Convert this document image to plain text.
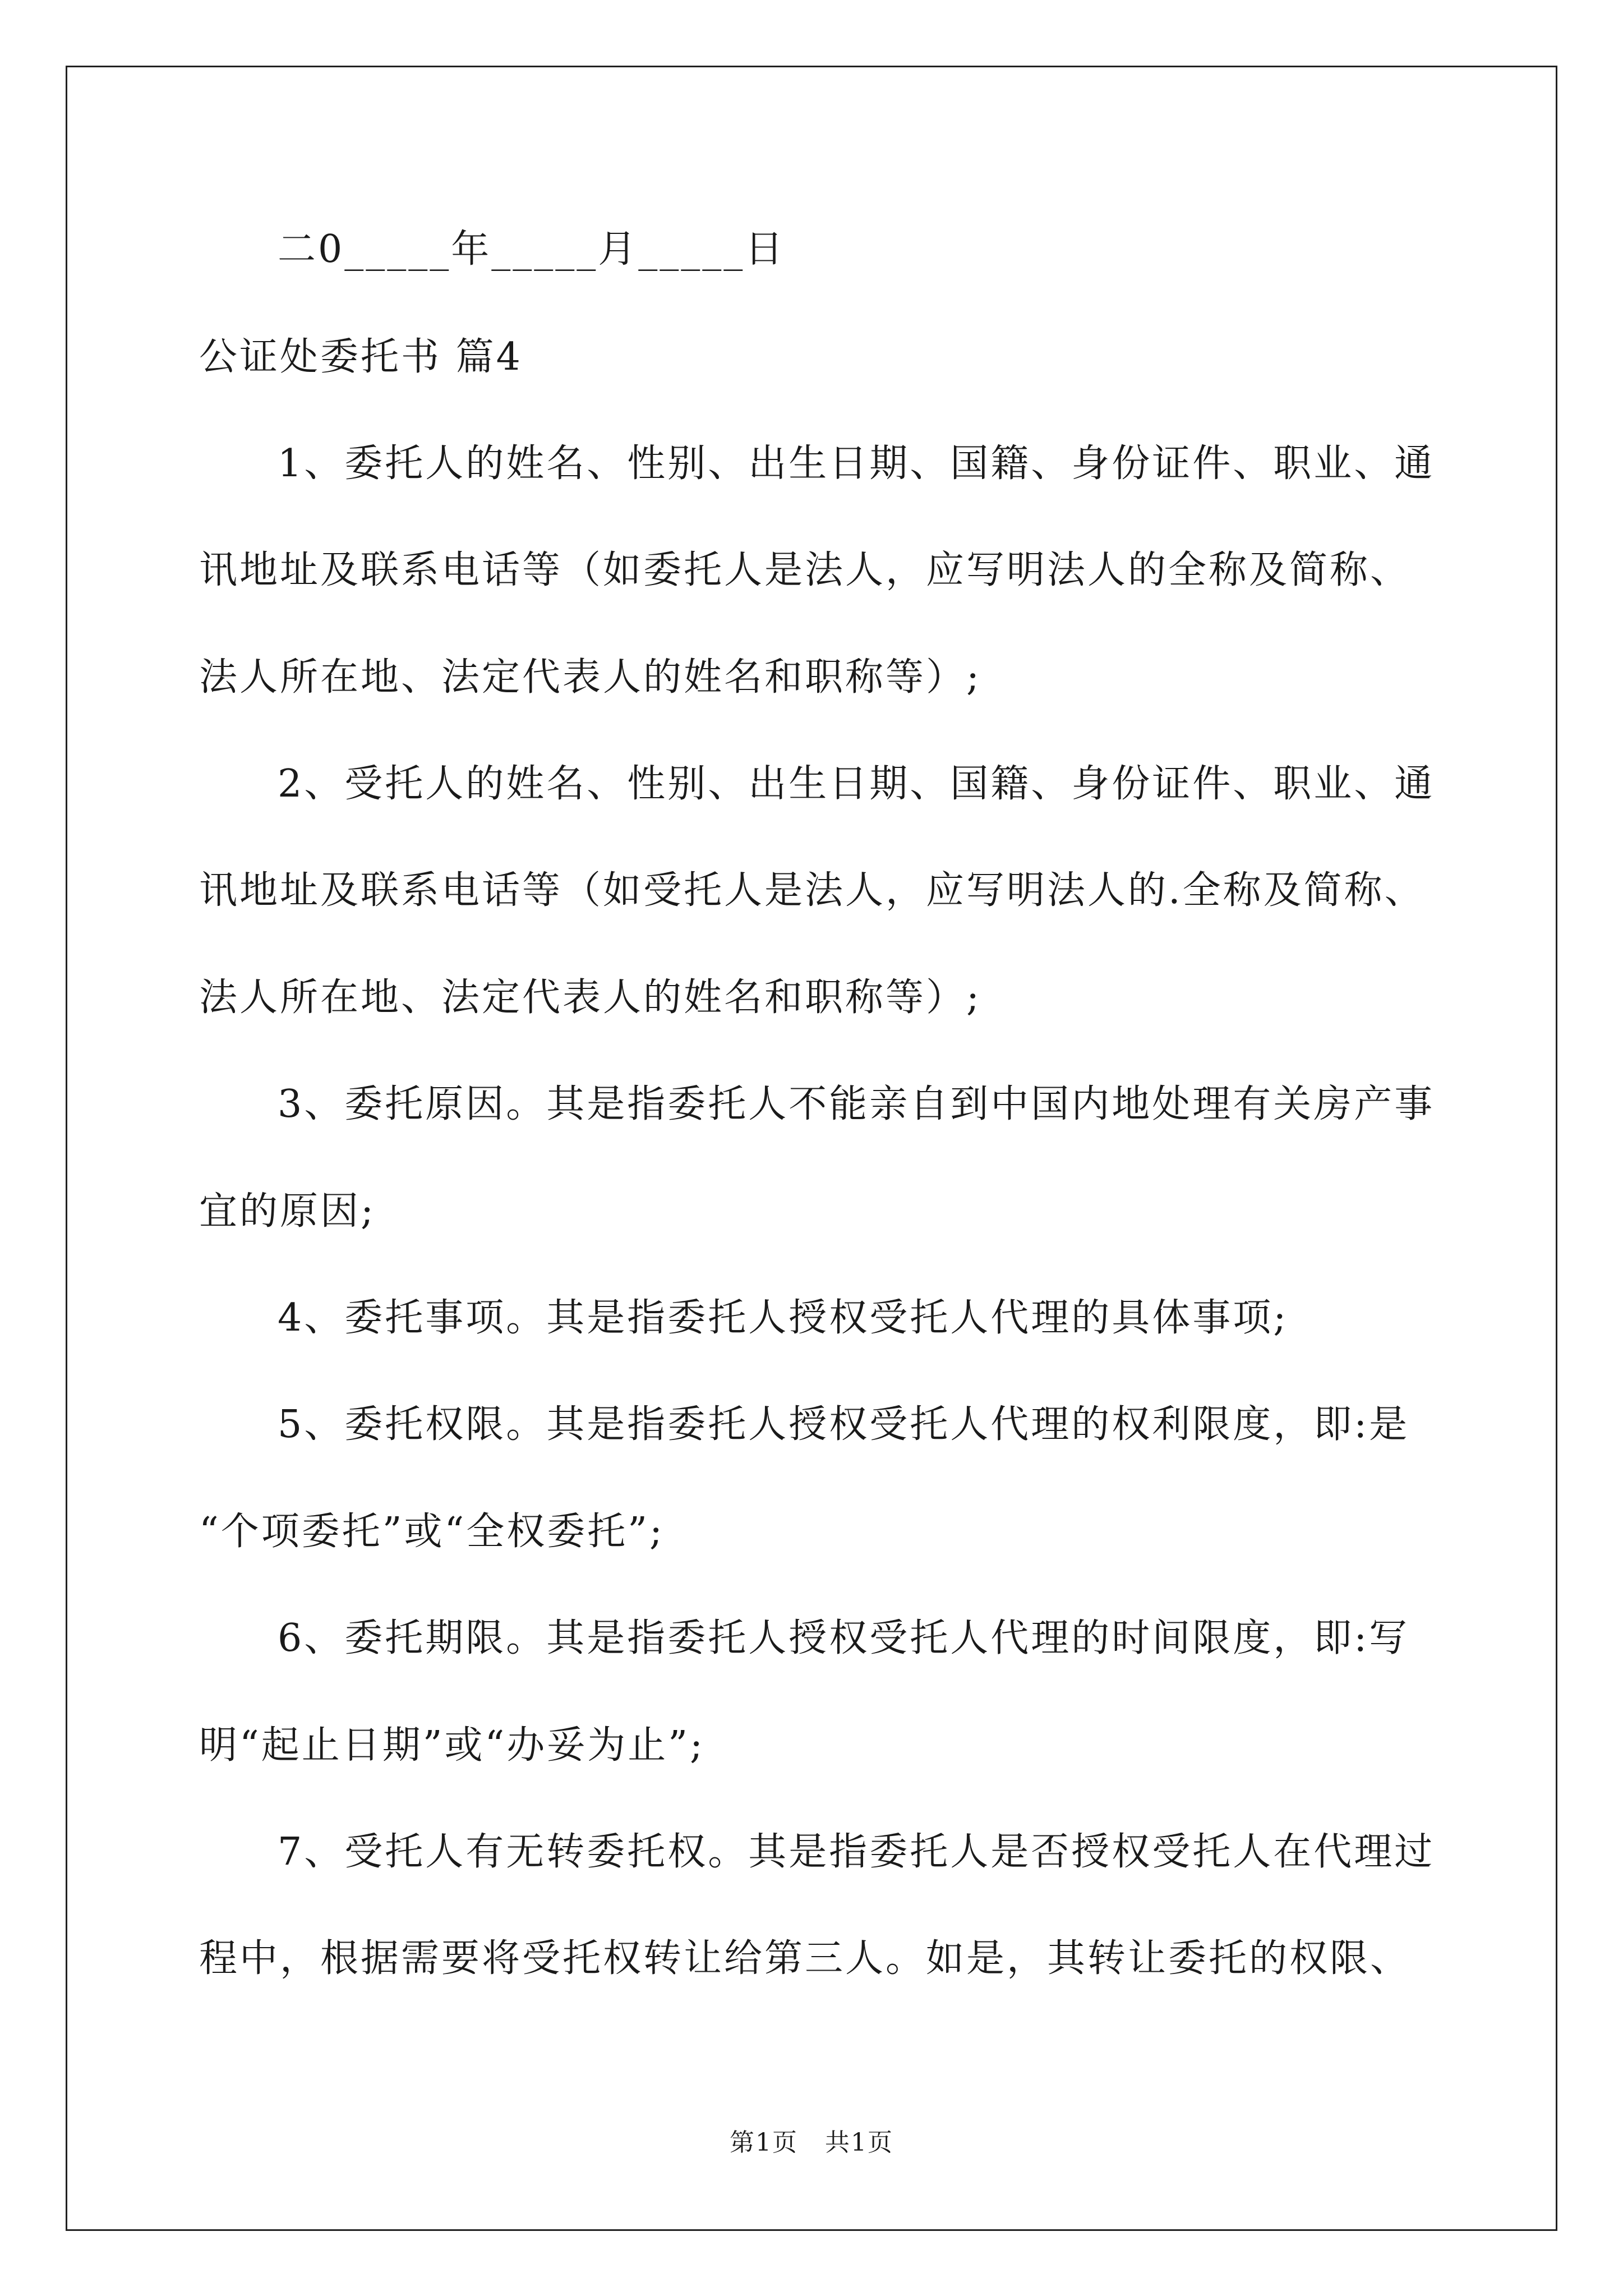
二0_____年_____月_____日
公证处委托书 篇4
1、委托人的姓名、性别、出生日期、国籍、身份证件、职业、通
讯地址及联系电话等（如委托人是法人，应写明法人的全称及简称、
法人所在地、法定代表人的姓名和职称等）;
2、受托人的姓名、性别、出生日期、国籍、身份证件、职业、通
讯地址及联系电话等（如受托人是法人，应写明法人的.全称及简称、
法人所在地、法定代表人的姓名和职称等）;
3、委托原因。其是指委托人不能亲自到中国内地处理有关房产事
宜的原因;
4、委托事项。其是指委托人授权受托人代理的具体事项;
5、委托权限。其是指委托人授权受托人代理的权利限度，即:是
“个项委托”或“全权委托”;
6、委托期限。其是指委托人授权受托人代理的时间限度，即:写
明“起止日期”或“办妥为止”;
7、受托人有无转委托权。其是指委托人是否授权受托人在代理过
程中，根据需要将受托权转让给第三人。如是，其转让委托的权限、
第1页 共1页
